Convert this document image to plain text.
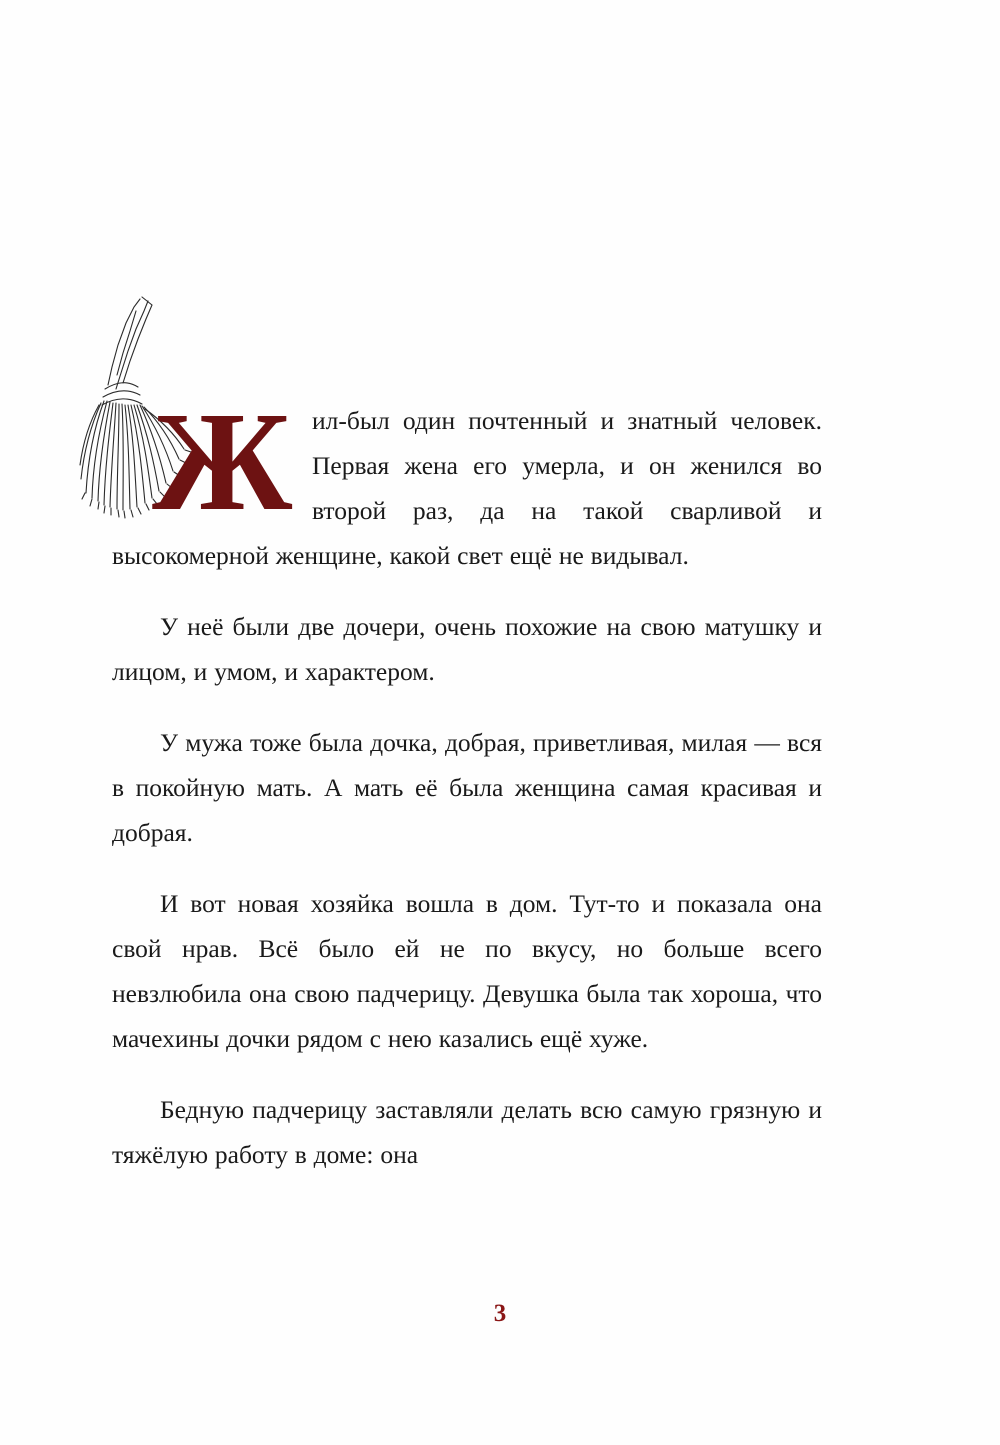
Ж ил-был один почтенный и знатный человек. Первая жена его умерла, и он женился во второй раз, да на такой сварливой и высокомерной женщине, какой свет ещё не видывал.

У неё были две дочери, очень похожие на свою матушку и лицом, и умом, и характером.

У мужа тоже была дочка, добрая, приветливая, милая — вся в покойную мать. А мать её была женщина самая красивая и добрая.

И вот новая хозяйка вошла в дом. Тут-то и показала она свой нрав. Всё было ей не по вкусу, но больше всего невзлюбила она свою падчерицу. Девушка была так хороша, что мачехины дочки рядом с нею казались ещё хуже.

Бедную падчерицу заставляли делать всю самую грязную и тяжёлую работу в доме: она

3
